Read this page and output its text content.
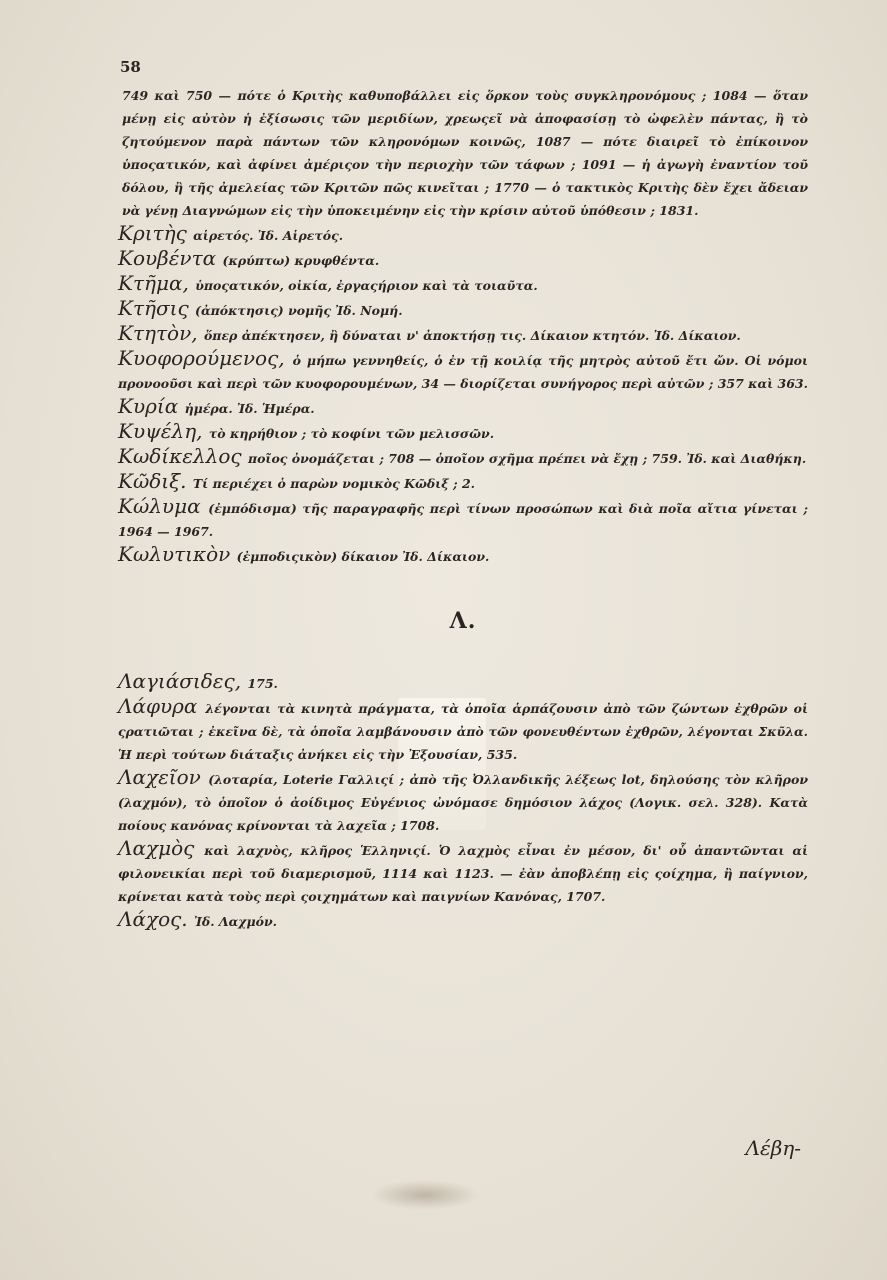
58
749 καὶ 750 — πότε ὁ Κριτὴς καθυποβάλλει εἰς ὅρκον τοὺς συγκληρονόμους ; 1084 — ὅταν μένῃ εἰς αὐτὸν ἡ ἐξίσωσις τῶν μεριδίων, χρεωςεῖ νὰ ἀποφασίσῃ τὸ ὠφελὲν πάντας, ἢ τὸ ζητούμενον παρὰ πάντων τῶν κληρονόμων κοινῶς, 1087 — πότε διαιρεῖ τὸ ἐπίκοινον ὑποςατικόν, καὶ ἀφίνει ἀμέριςον τὴν περιοχὴν τῶν τάφων ; 1091 — ἡ ἀγωγὴ ἐναντίον τοῦ δόλου, ἢ τῆς ἀμελείας τῶν Κριτῶν πῶς κινεῖται ; 1770 — ὁ τακτικὸς Κριτὴς δὲν ἔχει ἄδειαν νὰ γένῃ Διαγνώμων εἰς τὴν ὑποκειμένην εἰς τὴν κρίσιν αὐτοῦ ὑπόθεσιν ; 1831.
Κριτὴς αἱρετός. Ἰδ. Αἱρετός.
Κουβέντα (κρύπτω) κρυφθέντα.
Κτῆμα, ὑποςατικόν, οἰκία, ἐργαςήριον καὶ τὰ τοιαῦτα.
Κτῆσις (ἀπόκτησις) νομῆς Ἰδ. Νομή.
Κτητὸν, ὅπερ ἀπέκτησεν, ἢ δύναται ν' ἀποκτήσῃ τις. Δίκαιον κτητόν. Ἰδ. Δίκαιον.
Κυοφορούμενος, ὁ μήπω γεννηθείς, ὁ ἐν τῇ κοιλίᾳ τῆς μητρὸς αὐτοῦ ἔτι ὤν. Οἱ νόμοι προνοοῦσι καὶ περὶ τῶν κυοφορουμένων, 34 — διορίζεται συνήγορος περὶ αὐτῶν ; 357 καὶ 363.
Κυρία ἡμέρα. Ἰδ. Ἡμέρα.
Κυψέλη, τὸ κηρήθιον ; τὸ κοφίνι τῶν μελισσῶν.
Κωδίκελλος ποῖος ὀνομάζεται ; 708 — ὁποῖον σχῆμα πρέπει νὰ ἔχῃ ; 759. Ἰδ. καὶ Διαθήκη.
Κῶδιξ. Τί περιέχει ὁ παρὼν νομικὸς Κῶδιξ ; 2.
Κώλυμα (ἐμπόδισμα) τῆς παραγραφῆς περὶ τίνων προσώπων καὶ διὰ ποῖα αἴτια γίνεται ; 1964 — 1967.
Κωλυτικὸν (ἐμποδιςικὸν) δίκαιον Ἰδ. Δίκαιον.
Λ.
Λαγιάσιδες, 175.
Λάφυρα λέγονται τὰ κινητὰ πράγματα, τὰ ὁποῖα ἁρπάζουσιν ἀπὸ τῶν ζώντων ἐχθρῶν οἱ ςρατιῶται ; ἐκεῖνα δὲ, τὰ ὁποῖα λαμβάνουσιν ἀπὸ τῶν φονευθέντων ἐχθρῶν, λέγονται Σκῦλα. Ἡ περὶ τούτων διάταξις ἀνήκει εἰς τὴν Ἐξουσίαν, 535.
Λαχεῖον (λοταρία, Loterie Γαλλιςί ; ἀπὸ τῆς Ὀλλανδικῆς λέξεως lot, δηλούσης τὸν κλῆρον (λαχμόν), τὸ ὁποῖον ὁ ἀοίδιμος Εὐγένιος ὠνόμασε δημόσιον λάχος (Λογικ. σελ. 328). Κατὰ ποίους κανόνας κρίνονται τὰ λαχεῖα ; 1708.
Λαχμὸς καὶ λαχνὸς, κλῆρος Ἑλληνιςί. Ὁ λαχμὸς εἶναι ἐν μέσον, δι' οὗ ἀπαντῶνται αἱ φιλονεικίαι περὶ τοῦ διαμερισμοῦ, 1114 καὶ 1123. — ἐὰν ἀποβλέπῃ εἰς ςοίχημα, ἢ παίγνιον, κρίνεται κατὰ τοὺς περὶ ςοιχημάτων καὶ παιγνίων Κανόνας, 1707.
Λάχος. Ἰδ. Λαχμόν.
Λέβη-
